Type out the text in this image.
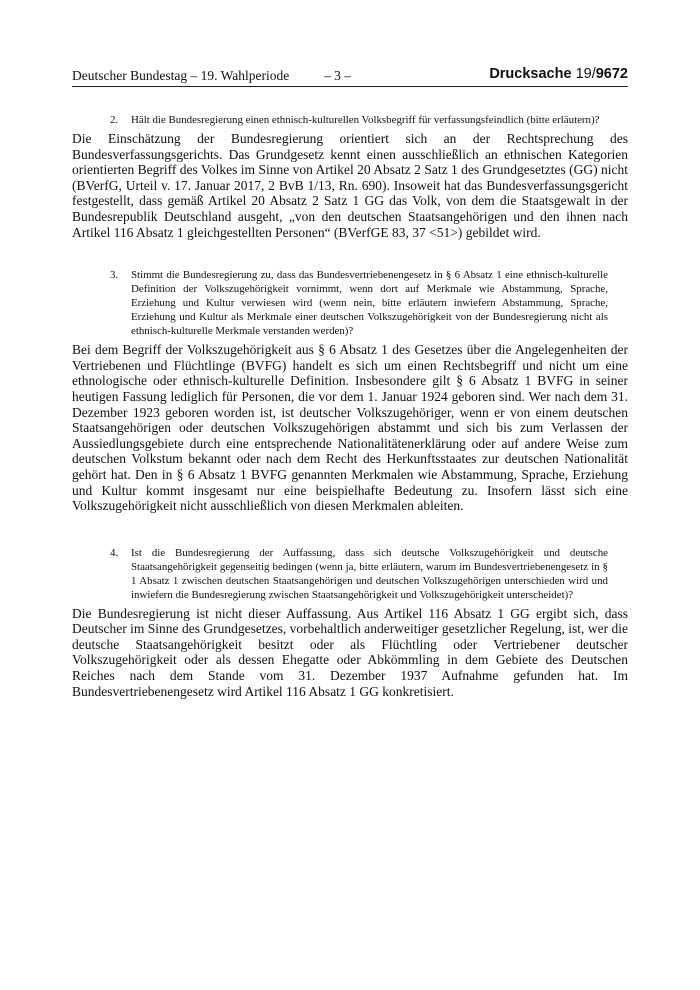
Deutscher Bundestag – 19. Wahlperiode	– 3 –	Drucksache 19/9672
2. Hält die Bundesregierung einen ethnisch-kulturellen Volksbegriff für verfassungsfeindlich (bitte erläutern)?

Die Einschätzung der Bundesregierung orientiert sich an der Rechtsprechung des Bundesverfassungsgerichts. Das Grundgesetz kennt einen ausschließlich an ethnischen Kategorien orientierten Begriff des Volkes im Sinne von Artikel 20 Absatz 2 Satz 1 des Grundgesetztes (GG) nicht (BVerfG, Urteil v. 17. Januar 2017, 2 BvB 1/13, Rn. 690). Insoweit hat das Bundesverfassungsgericht festgestellt, dass gemäß Artikel 20 Absatz 2 Satz 1 GG das Volk, von dem die Staatsgewalt in der Bundesrepublik Deutschland ausgeht, „von den deutschen Staatsangehörigen und den ihnen nach Artikel 116 Absatz 1 gleichgestellten Personen“ (BVerfGE 83, 37 <51>) gebildet wird.

3. Stimmt die Bundesregierung zu, dass das Bundesvertriebenengesetz in § 6 Absatz 1 eine ethnisch-kulturelle Definition der Volkszugehörigkeit vornimmt, wenn dort auf Merkmale wie Abstammung, Sprache, Erziehung und Kultur verwiesen wird (wenn nein, bitte erläutern inwiefern Abstammung, Sprache, Erziehung und Kultur als Merkmale einer deutschen Volkszugehörigkeit von der Bundesregierung nicht als ethnisch-kulturelle Merkmale verstanden werden)?

Bei dem Begriff der Volkszugehörigkeit aus § 6 Absatz 1 des Gesetzes über die Angelegenheiten der Vertriebenen und Flüchtlinge (BVFG) handelt es sich um einen Rechtsbegriff und nicht um eine ethnologische oder ethnisch-kulturelle Definition. Insbesondere gilt § 6 Absatz 1 BVFG in seiner heutigen Fassung lediglich für Personen, die vor dem 1. Januar 1924 geboren sind. Wer nach dem 31. Dezember 1923 geboren worden ist, ist deutscher Volkszugehöriger, wenn er von einem deutschen Staatsangehörigen oder deutschen Volkszugehörigen abstammt und sich bis zum Verlassen der Aussiedlungsgebiete durch eine entsprechende Nationalitätenerklärung oder auf andere Weise zum deutschen Volkstum bekannt oder nach dem Recht des Herkunftsstaates zur deutschen Nationalität gehört hat. Den in § 6 Absatz 1 BVFG genannten Merkmalen wie Abstammung, Sprache, Erziehung und Kultur kommt insgesamt nur eine beispielhafte Bedeutung zu. Insofern lässt sich eine Volkszugehörigkeit nicht ausschließlich von diesen Merkmalen ableiten.

4. Ist die Bundesregierung der Auffassung, dass sich deutsche Volkszugehörigkeit und deutsche Staatsangehörigkeit gegenseitig bedingen (wenn ja, bitte erläutern, warum im Bundesvertriebenengesetz in § 1 Absatz 1 zwischen deutschen Staatsangehörigen und deutschen Volkszugehörigen unterschieden wird und inwiefern die Bundesregierung zwischen Staatsangehörigkeit und Volkszugehörigkeit unterscheidet)?

Die Bundesregierung ist nicht dieser Auffassung. Aus Artikel 116 Absatz 1 GG ergibt sich, dass Deutscher im Sinne des Grundgesetzes, vorbehaltlich anderweitiger gesetzlicher Regelung, ist, wer die deutsche Staatsangehörigkeit besitzt oder als Flüchtling oder Vertriebener deutscher Volkszugehörigkeit oder als dessen Ehegatte oder Abkömmling in dem Gebiete des Deutschen Reiches nach dem Stande vom 31. Dezember 1937 Aufnahme gefunden hat. Im Bundesvertriebenengesetz wird Artikel 116 Absatz 1 GG konkretisiert.
